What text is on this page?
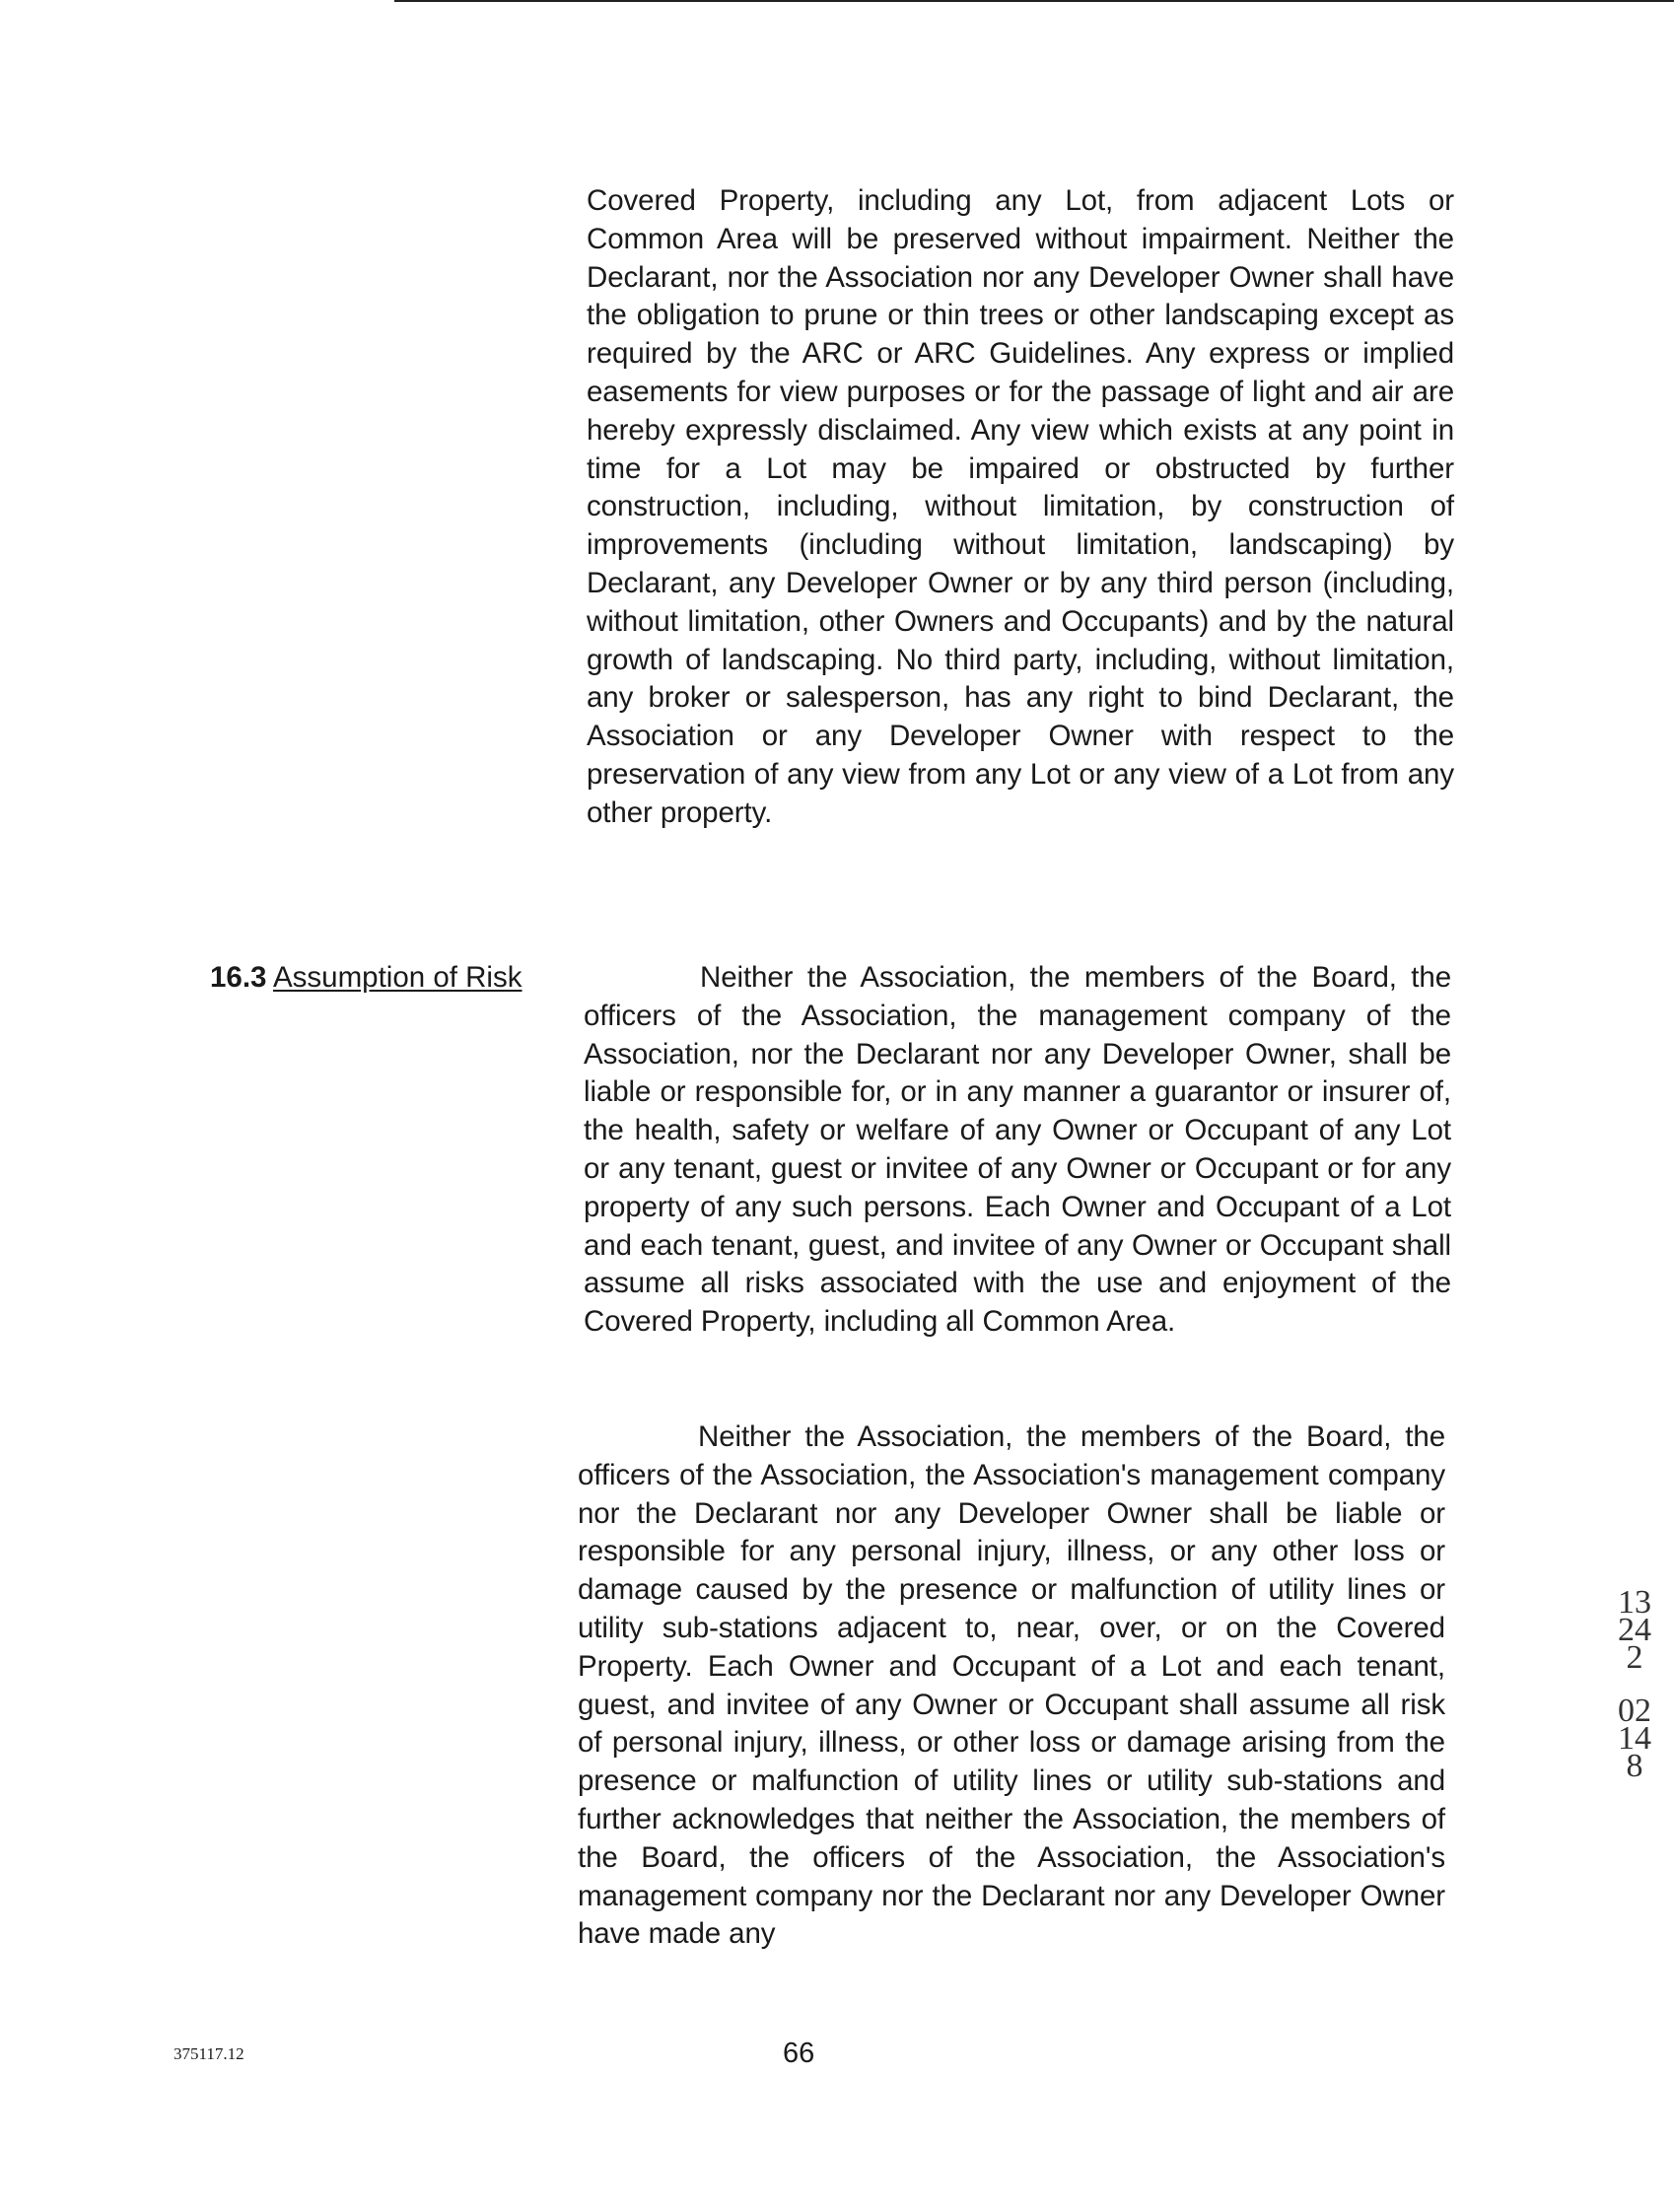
Covered Property, including any Lot, from adjacent Lots or Common Area will be preserved without impairment. Neither the Declarant, nor the Association nor any Developer Owner shall have the obligation to prune or thin trees or other landscaping except as required by the ARC or ARC Guidelines. Any express or implied easements for view purposes or for the passage of light and air are hereby expressly disclaimed. Any view which exists at any point in time for a Lot may be impaired or obstructed by further construction, including, without limitation, by construction of improvements (including without limitation, landscaping) by Declarant, any Developer Owner or by any third person (including, without limitation, other Owners and Occupants) and by the natural growth of landscaping. No third party, including, without limitation, any broker or salesperson, has any right to bind Declarant, the Association or any Developer Owner with respect to the preservation of any view from any Lot or any view of a Lot from any other property.

16.3 Assumption of Risk	Neither the Association, the members of the Board, the officers of the Association, the management company of the Association, nor the Declarant nor any Developer Owner, shall be liable or responsible for, or in any manner a guarantor or insurer of, the health, safety or welfare of any Owner or Occupant of any Lot or any tenant, guest or invitee of any Owner or Occupant or for any property of any such persons. Each Owner and Occupant of a Lot and each tenant, guest, and invitee of any Owner or Occupant shall assume all risks associated with the use and enjoyment of the Covered Property, including all Common Area.

Neither the Association, the members of the Board, the officers of the Association, the Association's management company nor the Declarant nor any Developer Owner shall be liable or responsible for any personal injury, illness, or any other loss or damage caused by the presence or malfunction of utility lines or utility sub-stations adjacent to, near, over, or on the Covered Property. Each Owner and Occupant of a Lot and each tenant, guest, and invitee of any Owner or Occupant shall assume all risk of personal injury, illness, or other loss or damage arising from the presence or malfunction of utility lines or utility sub-stations and further acknowledges that neither the Association, the members of the Board, the officers of the Association, the Association's management company nor the Declarant nor any Developer Owner have made any

13242
02148
375117.12	66
